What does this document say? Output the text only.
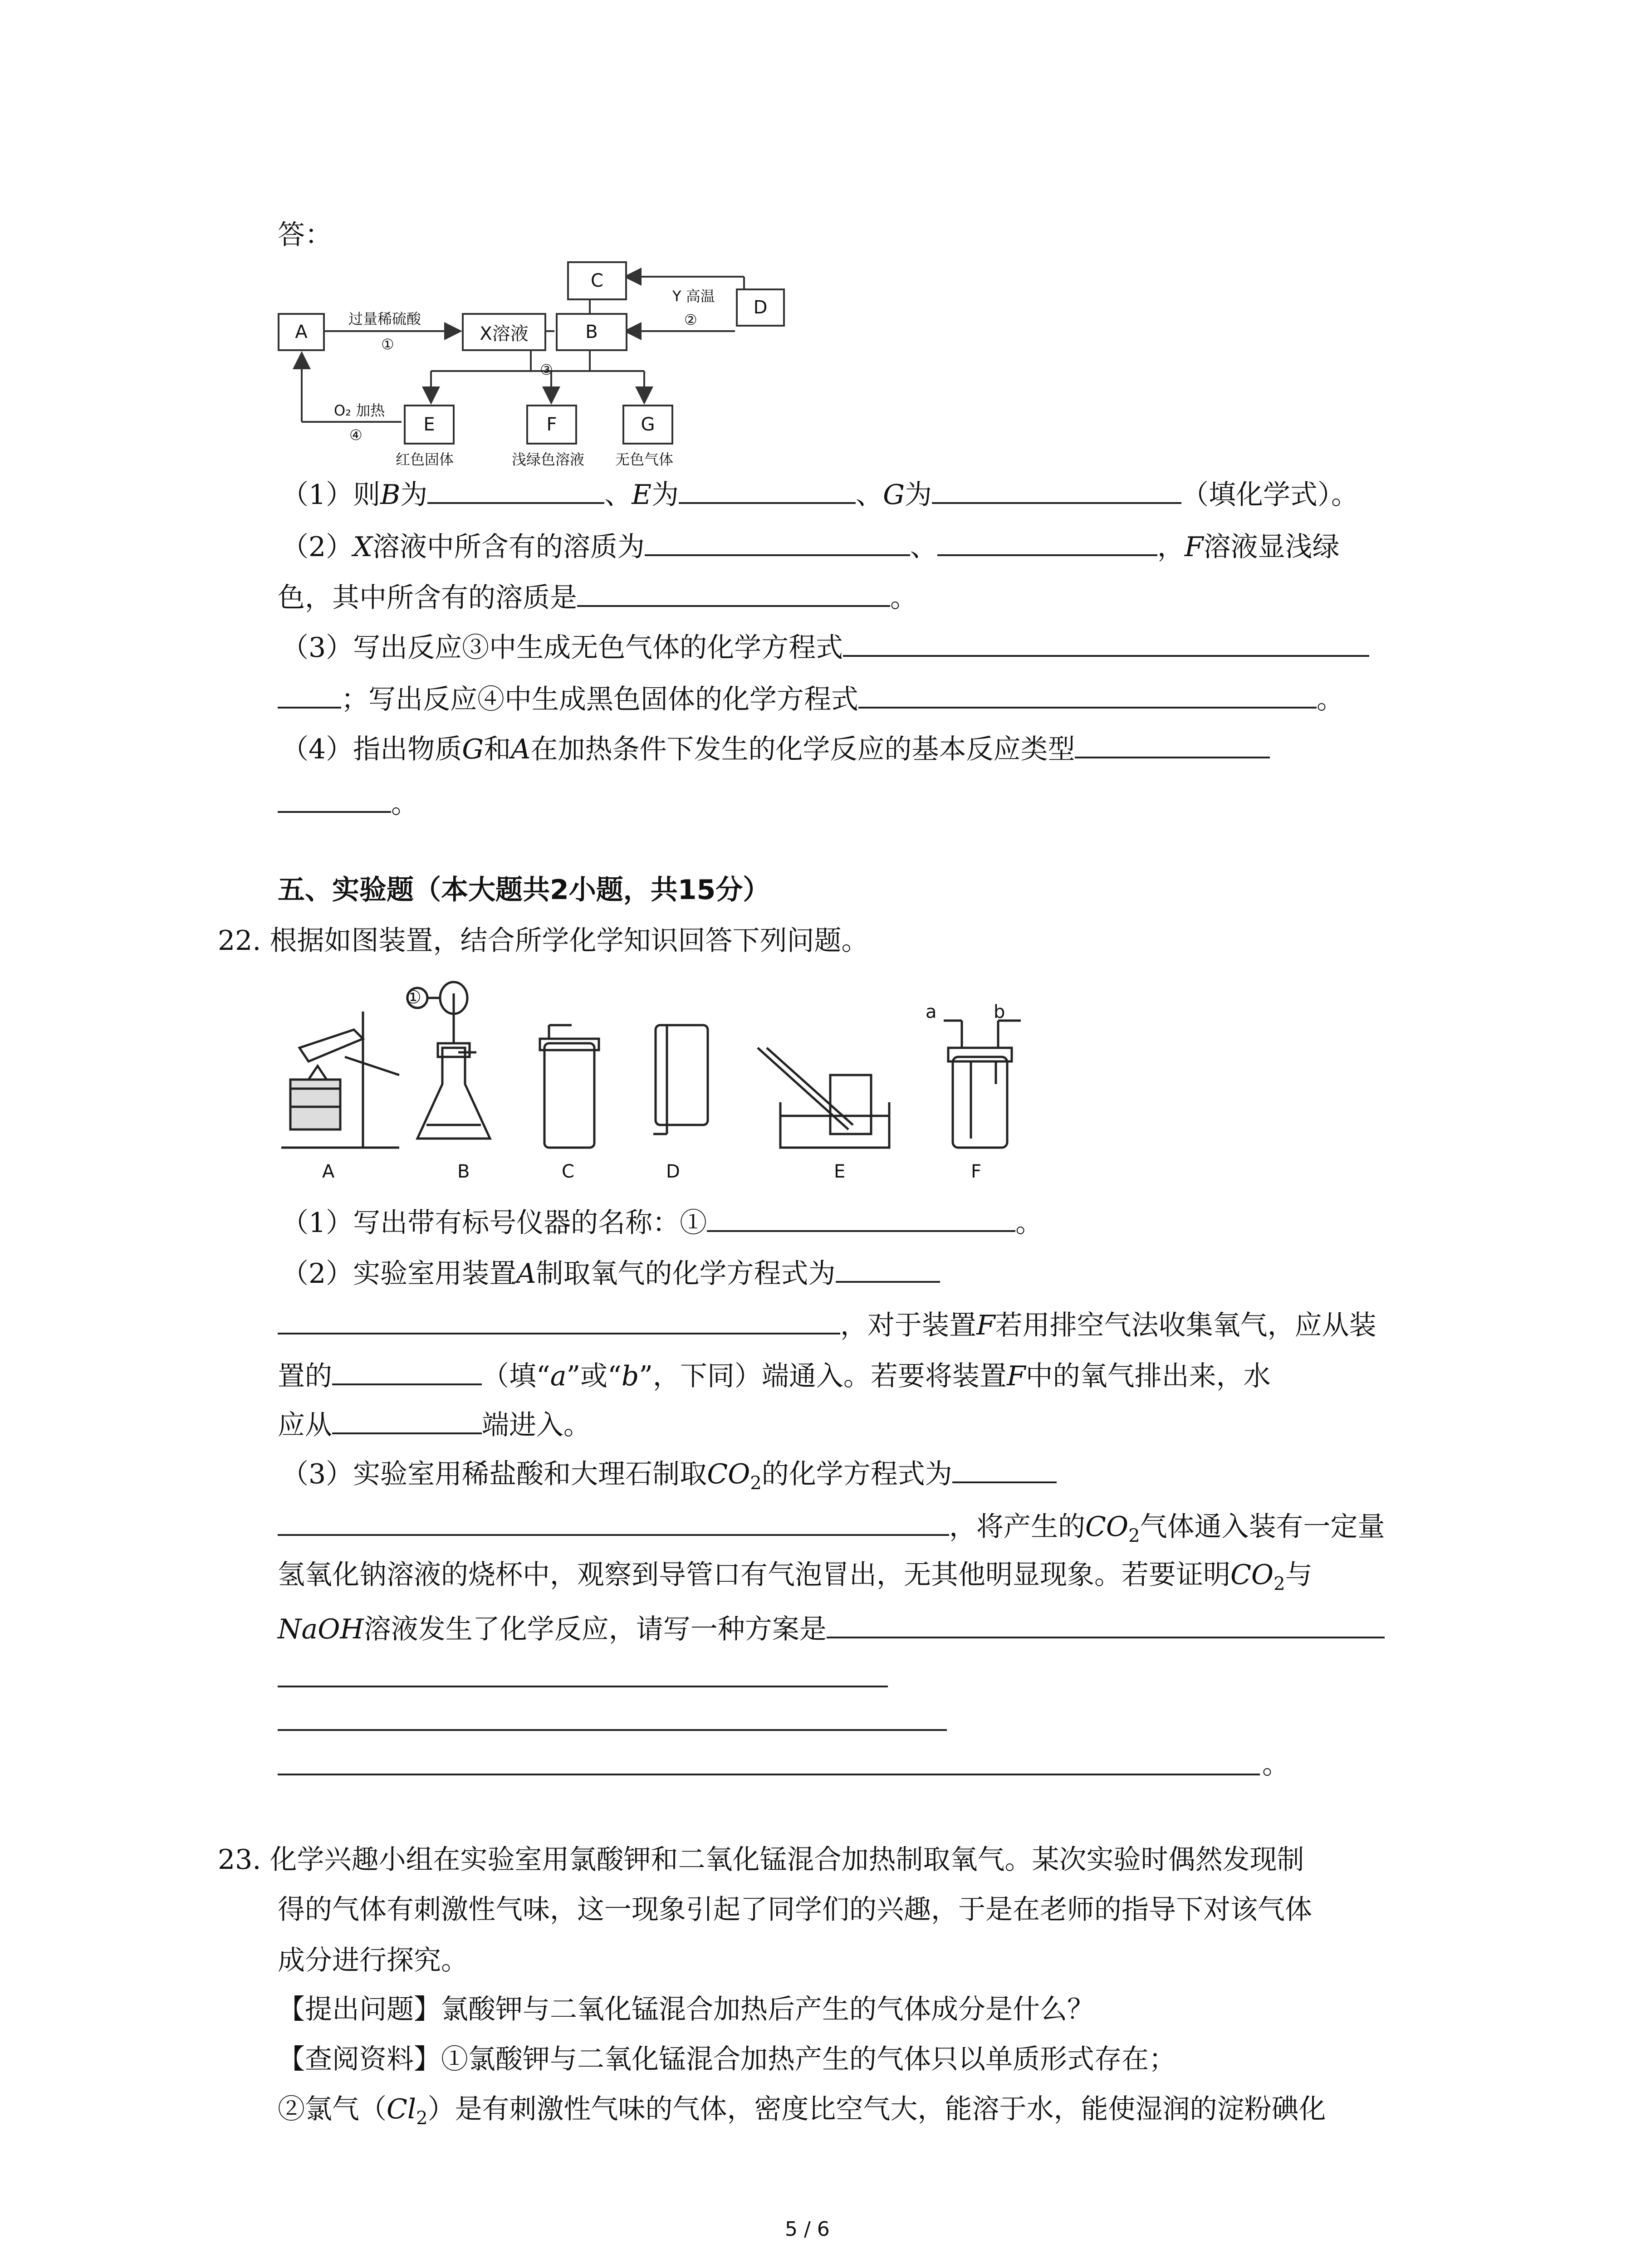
答：
A	X溶液	B
C
D
E	F	G
过量稀硫酸
①
Y 高温
②
③
O₂ 加热
④
红色固体	浅绿色溶液 无色气体
（1）则B为	、E为	、G为	（填化学式）。
（2）X溶液中所含有的溶质为	、	，F溶液显浅绿
色，其中所含有的溶质是	。
（3）写出反应③中生成无色气体的化学方程式
；写出反应④中生成黑色固体的化学方程式	。
（4）指出物质G和A在加热条件下发生的化学反应的基本反应类型
。
五、实验题（本大题共2小题，共15分）
22. 根据如图装置，结合所学化学知识回答下列问题。
①
a	b
A	B	C	D	E	F
（1）写出带有标号仪器的名称：①	。
（2）实验室用装置A制取氧气的化学方程式为
，对于装置F若用排空气法收集氧气，应从装
置的	（填“a”或“b”，下同）端通入。若要将装置F中的氧气排出来，水
应从	端进入。
（3）实验室用稀盐酸和大理石制取$CO_2$的化学方程式为
，将产生的$CO_2$气体通入装有一定量
氢氧化钠溶液的烧杯中，观察到导管口有气泡冒出，无其他明显现象。若要证明$CO_2$与
NaOH溶液发生了化学反应，请写一种方案是
。
23. 化学兴趣小组在实验室用氯酸钾和二氧化锰混合加热制取氧气。某次实验时偶然发现制
得的气体有刺激性气味，这一现象引起了同学们的兴趣，于是在老师的指导下对该气体
成分进行探究。
【提出问题】氯酸钾与二氧化锰混合加热后产生的气体成分是什么？
【查阅资料】①氯酸钾与二氧化锰混合加热产生的气体只以单质形式存在；
②氯气$(Cl_2)$是有刺激性气味的气体，密度比空气大，能溶于水，能使湿润的淀粉碘化
5 / 6
